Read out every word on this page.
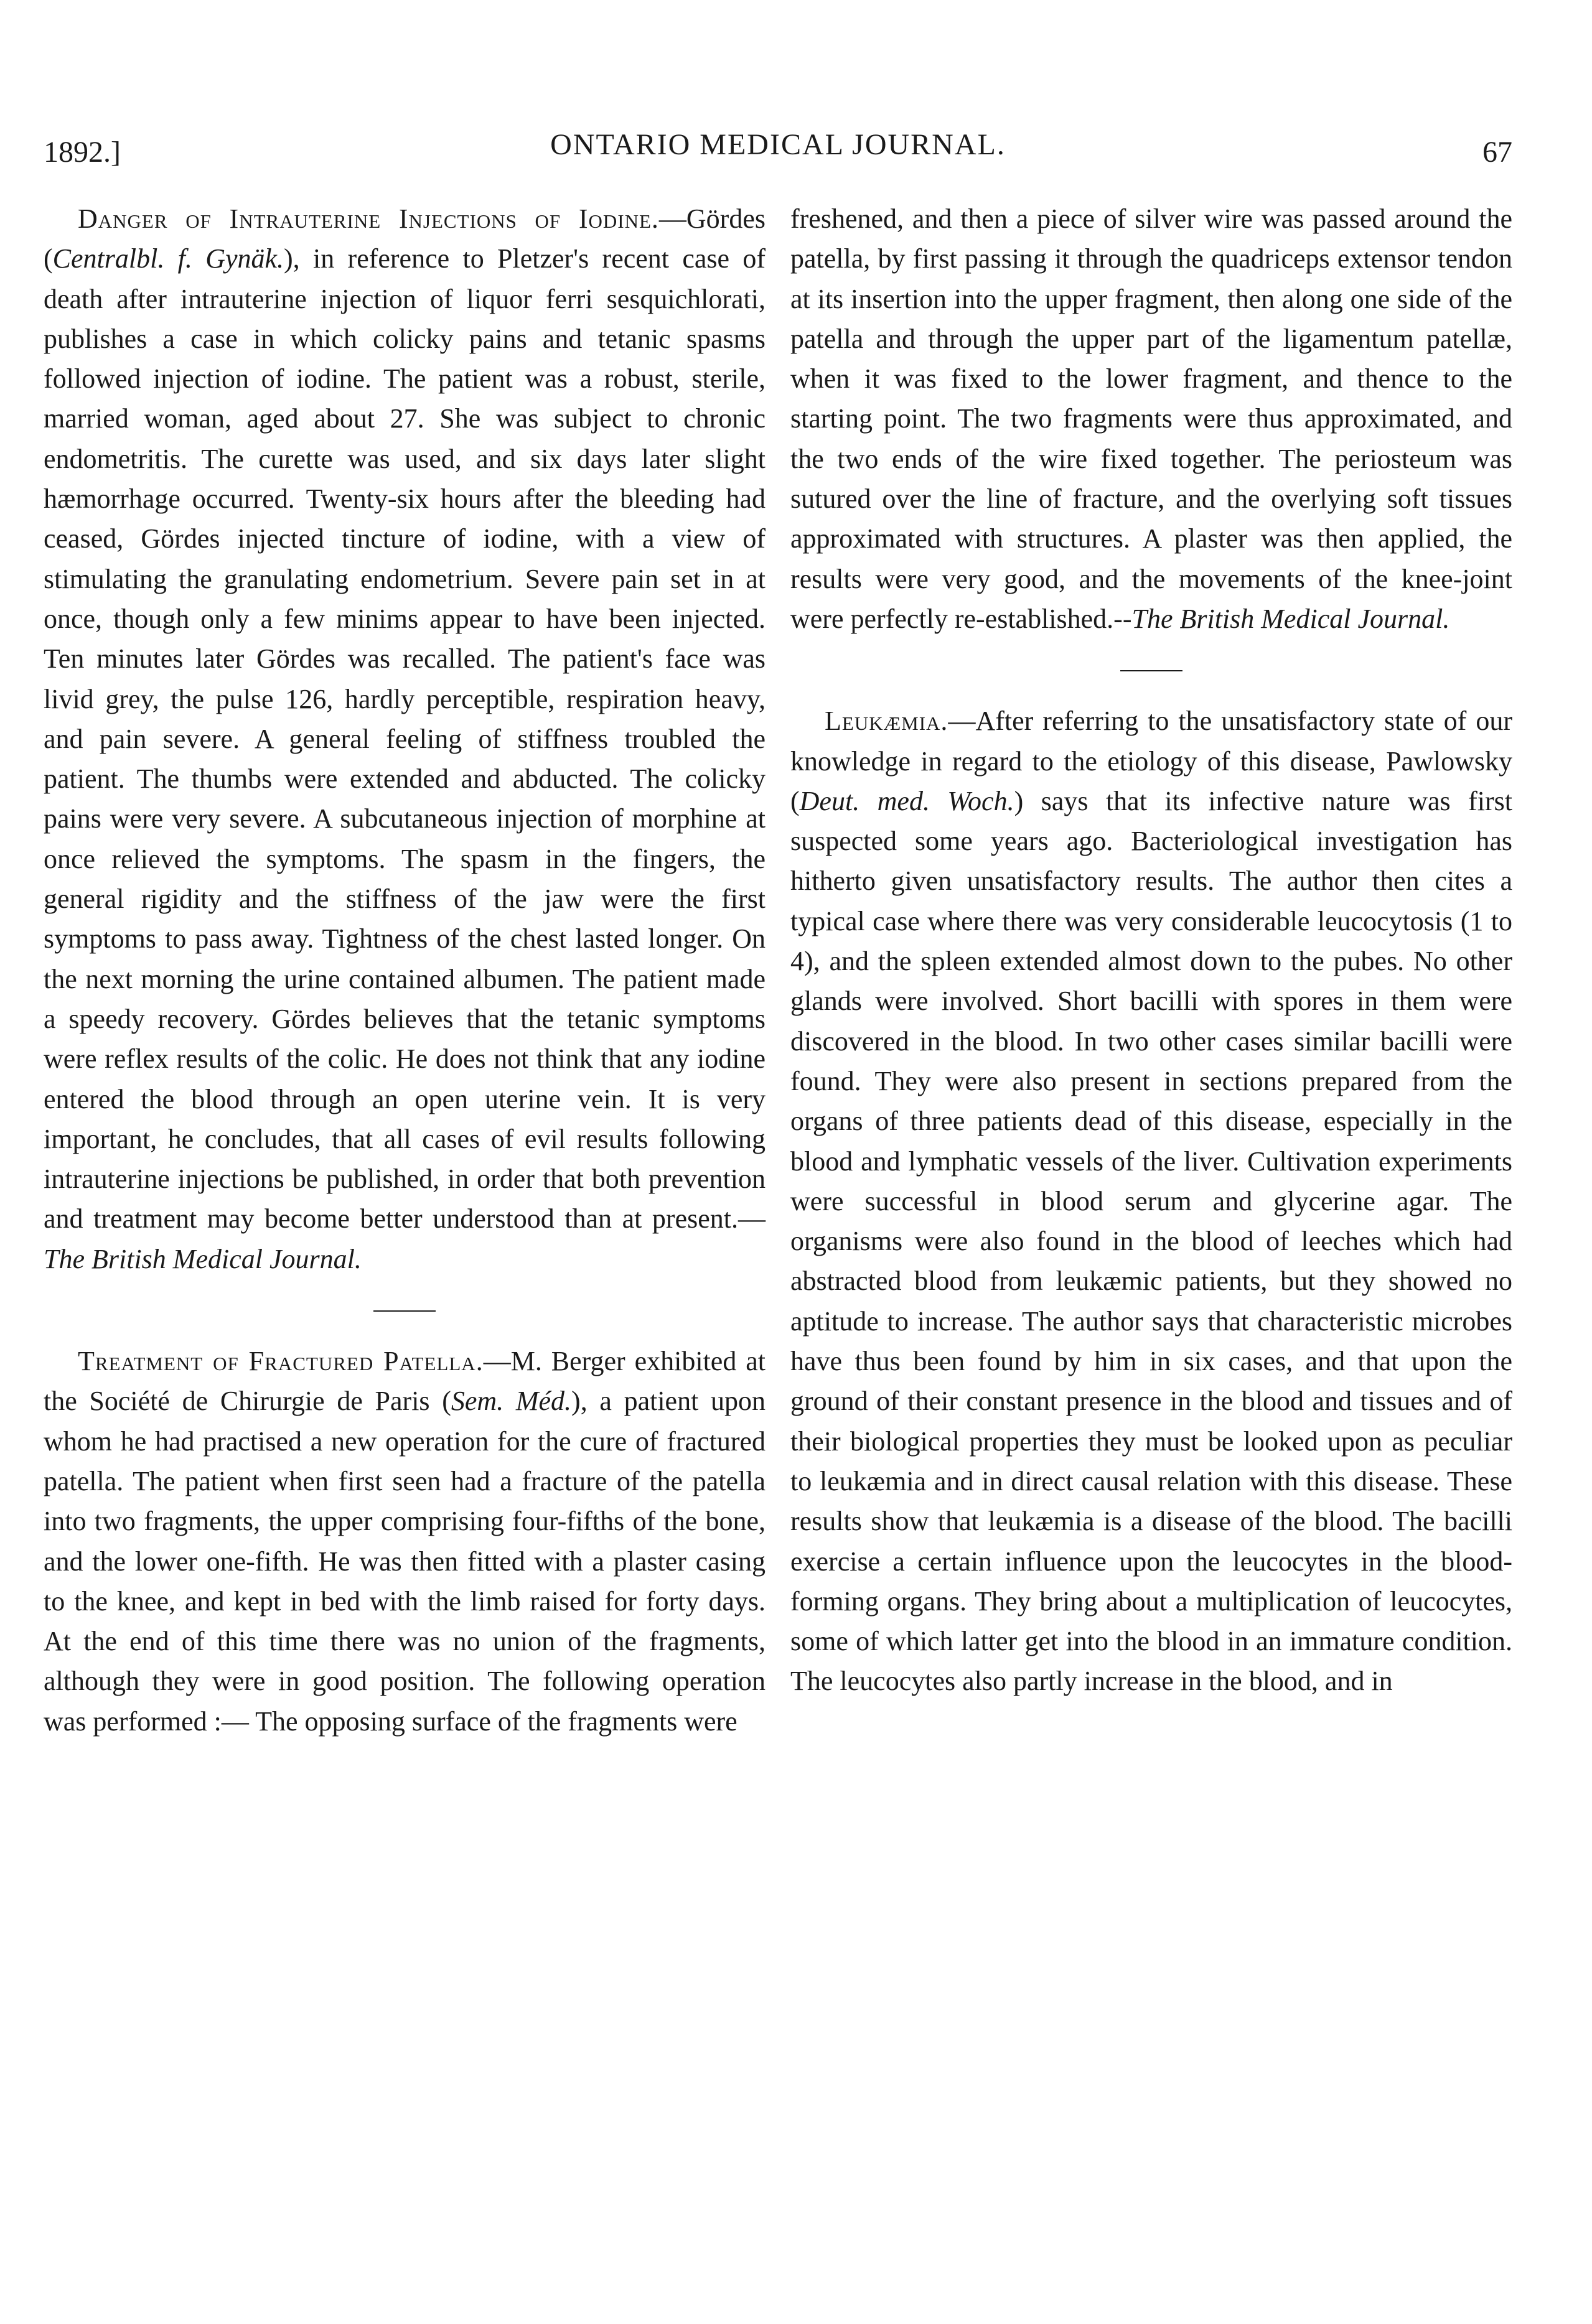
1892.]	ONTARIO MEDICAL JOURNAL.	67

Danger of Intrauterine Injections of Iodine.—Gördes (Centralbl. f. Gynäk.), in reference to Pletzer's recent case of death after intrauterine injection of liquor ferri sesquichlorati, publishes a case in which colicky pains and tetanic spasms followed injection of iodine. The patient was a robust, sterile, married woman, aged about 27. She was subject to chronic endometritis. The curette was used, and six days later slight hæmorrhage occurred. Twenty-six hours after the bleeding had ceased, Gördes injected tincture of iodine, with a view of stimulating the granulating endometrium. Severe pain set in at once, though only a few minims appear to have been injected. Ten minutes later Gördes was recalled. The patient's face was livid grey, the pulse 126, hardly perceptible, respiration heavy, and pain severe. A general feeling of stiffness troubled the patient. The thumbs were extended and abducted. The colicky pains were very severe. A subcutaneous injection of morphine at once relieved the symptoms. The spasm in the fingers, the general rigidity and the stiffness of the jaw were the first symptoms to pass away. Tightness of the chest lasted longer. On the next morning the urine contained albumen. The patient made a speedy recovery. Gördes believes that the tetanic symptoms were reflex results of the colic. He does not think that any iodine entered the blood through an open uterine vein. It is very important, he concludes, that all cases of evil results following intrauterine injections be published, in order that both prevention and treatment may become better understood than at present.—The British Medical Journal.

Treatment of Fractured Patella.—M. Berger exhibited at the Société de Chirurgie de Paris (Sem. Méd.), a patient upon whom he had practised a new operation for the cure of fractured patella. The patient when first seen had a fracture of the patella into two fragments, the upper comprising four-fifths of the bone, and the lower one-fifth. He was then fitted with a plaster casing to the knee, and kept in bed with the limb raised for forty days. At the end of this time there was no union of the fragments, although they were in good position. The following operation was performed :— The opposing surface of the fragments were

freshened, and then a piece of silver wire was passed around the patella, by first passing it through the quadriceps extensor tendon at its insertion into the upper fragment, then along one side of the patella and through the upper part of the ligamentum patellæ, when it was fixed to the lower fragment, and thence to the starting point. The two fragments were thus approximated, and the two ends of the wire fixed together. The periosteum was sutured over the line of fracture, and the overlying soft tissues approximated with structures. A plaster was then applied, the results were very good, and the movements of the knee-joint were perfectly re-established.--The British Medical Journal.

Leukæmia.—After referring to the unsatisfactory state of our knowledge in regard to the etiology of this disease, Pawlowsky (Deut. med. Woch.) says that its infective nature was first suspected some years ago. Bacteriological investigation has hitherto given unsatisfactory results. The author then cites a typical case where there was very considerable leucocytosis (1 to 4), and the spleen extended almost down to the pubes. No other glands were involved. Short bacilli with spores in them were discovered in the blood. In two other cases similar bacilli were found. They were also present in sections prepared from the organs of three patients dead of this disease, especially in the blood and lymphatic vessels of the liver. Cultivation experiments were successful in blood serum and glycerine agar. The organisms were also found in the blood of leeches which had abstracted blood from leukæmic patients, but they showed no aptitude to increase. The author says that characteristic microbes have thus been found by him in six cases, and that upon the ground of their constant presence in the blood and tissues and of their biological properties they must be looked upon as peculiar to leukæmia and in direct causal relation with this disease. These results show that leukæmia is a disease of the blood. The bacilli exercise a certain influence upon the leucocytes in the blood-forming organs. They bring about a multiplication of leucocytes, some of which latter get into the blood in an immature condition. The leucocytes also partly increase in the blood, and in
